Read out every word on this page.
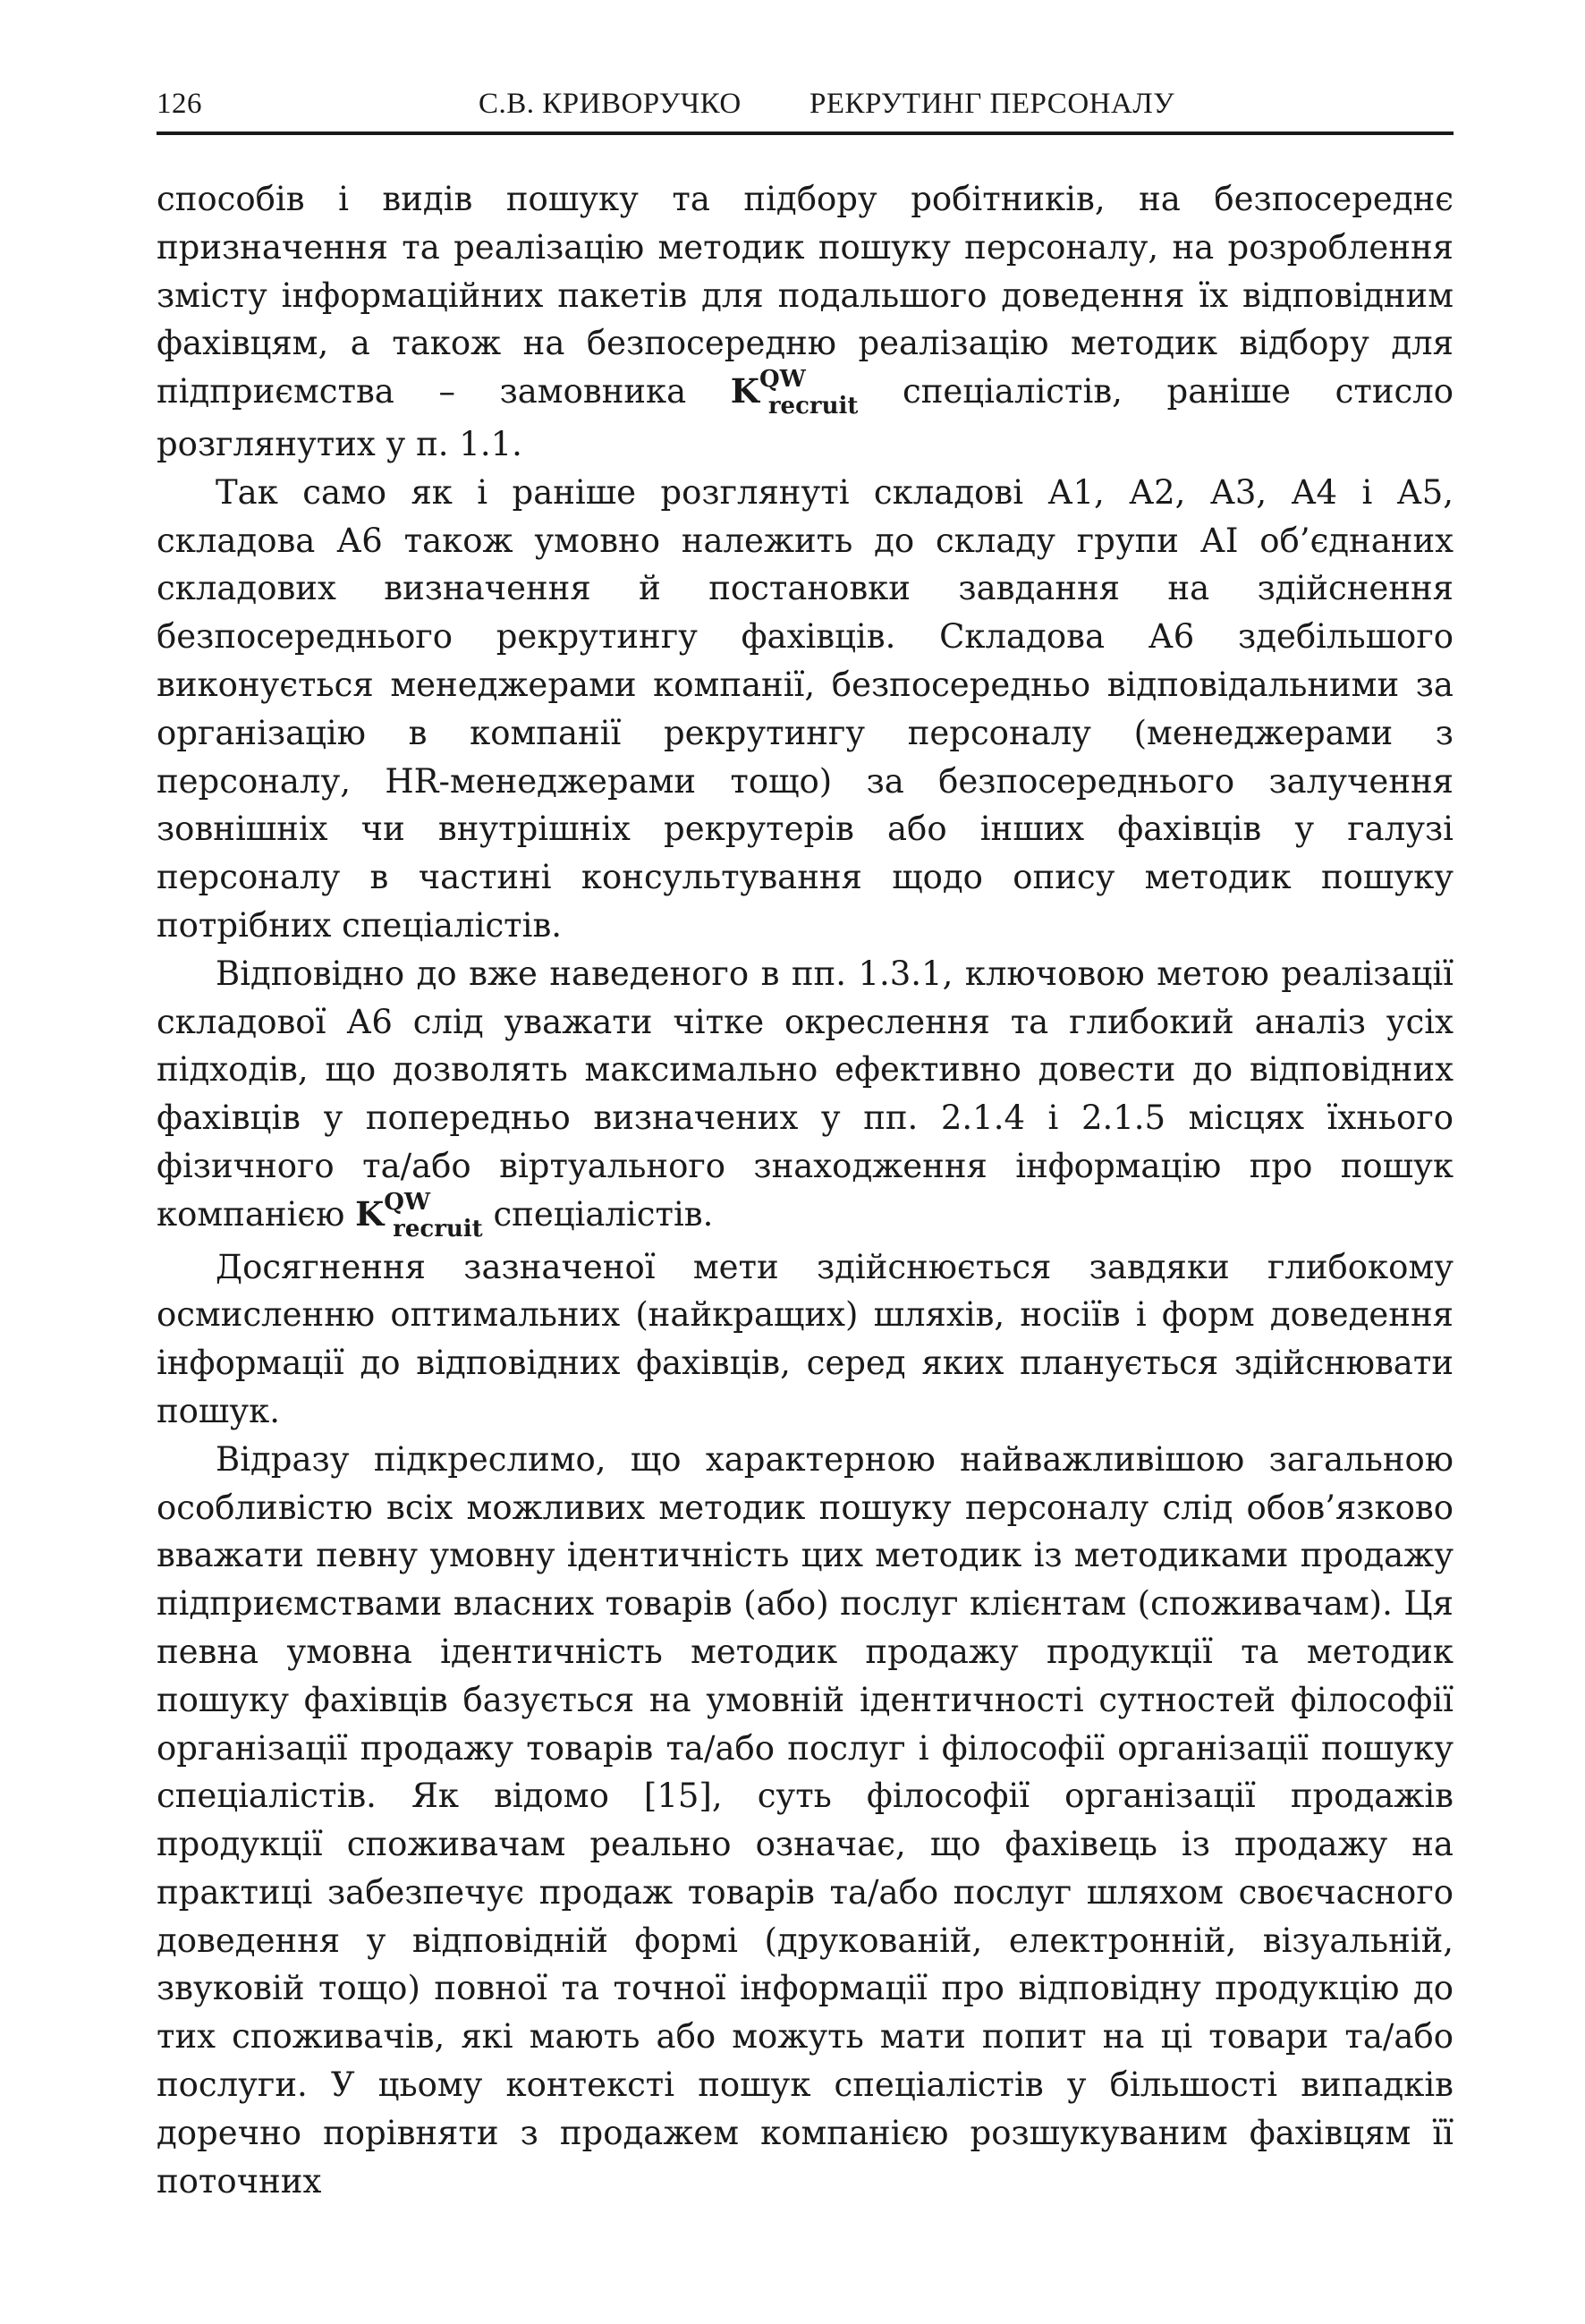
126	С.В. КРИВОРУЧКО РЕКРУТИНГ ПЕРСОНАЛУ

способів і видів пошуку та підбору робітників, на безпосереднє призначення та реалізацію методик пошуку персоналу, на розроблення змісту інформаційних пакетів для подальшого доведення їх відповідним фахівцям, а також на безпосередню реалізацію методик відбору для підприємства – замовника $K^{QW}_{recruit}$ спеціалістів, раніше стисло розглянутих у п. 1.1.

Так само як і раніше розглянуті складові А1, А2, А3, А4 і А5, складова А6 також умовно належить до складу групи АІ об’єднаних складових визначення й постановки завдання на здійснення безпосереднього рекрутингу фахівців. Складова А6 здебільшого виконується менеджерами компанії, безпосередньо відповідальними за організацію в компанії рекрутингу персоналу (менеджерами з персоналу, HR-менеджерами тощо) за безпосереднього залучення зовнішніх чи внутрішніх рекрутерів або інших фахівців у галузі персоналу в частині консультування щодо опису методик пошуку потрібних спеціалістів.

Відповідно до вже наведеного в пп. 1.3.1, ключовою метою реалізації складової А6 слід уважати чітке окреслення та глибокий аналіз усіх підходів, що дозволять максимально ефективно довести до відповідних фахівців у попередньо визначених у пп. 2.1.4 і 2.1.5 місцях їхнього фізичного та/або віртуального знаходження інформацію про пошук компанією $K^{QW}_{recruit}$ спеціалістів.

Досягнення зазначеної мети здійснюється завдяки глибокому осмисленню оптимальних (найкращих) шляхів, носіїв і форм доведення інформації до відповідних фахівців, серед яких планується здійснювати пошук.

Відразу підкреслимо, що характерною найважливішою загальною особливістю всіх можливих методик пошуку персоналу слід обов’язково вважати певну умовну ідентичність цих методик із методиками продажу підприємствами власних товарів (або) послуг клієнтам (споживачам). Ця певна умовна ідентичність методик продажу продукції та методик пошуку фахівців базується на умовній ідентичності сутностей філософії організації продажу товарів та/або послуг і філософії організації пошуку спеціалістів. Як відомо [15], суть філософії організації продажів продукції споживачам реально означає, що фахівець із продажу на практиці забезпечує продаж товарів та/або послуг шляхом своєчасного доведення у відповідній формі (друкованій, електронній, візуальній, звуковій тощо) повної та точної інформації про відповідну продукцію до тих споживачів, які мають або можуть мати попит на ці товари та/або послуги. У цьому контексті пошук спеціалістів у більшості випадків доречно порівняти з продажем компанією розшукуваним фахівцям її поточних
